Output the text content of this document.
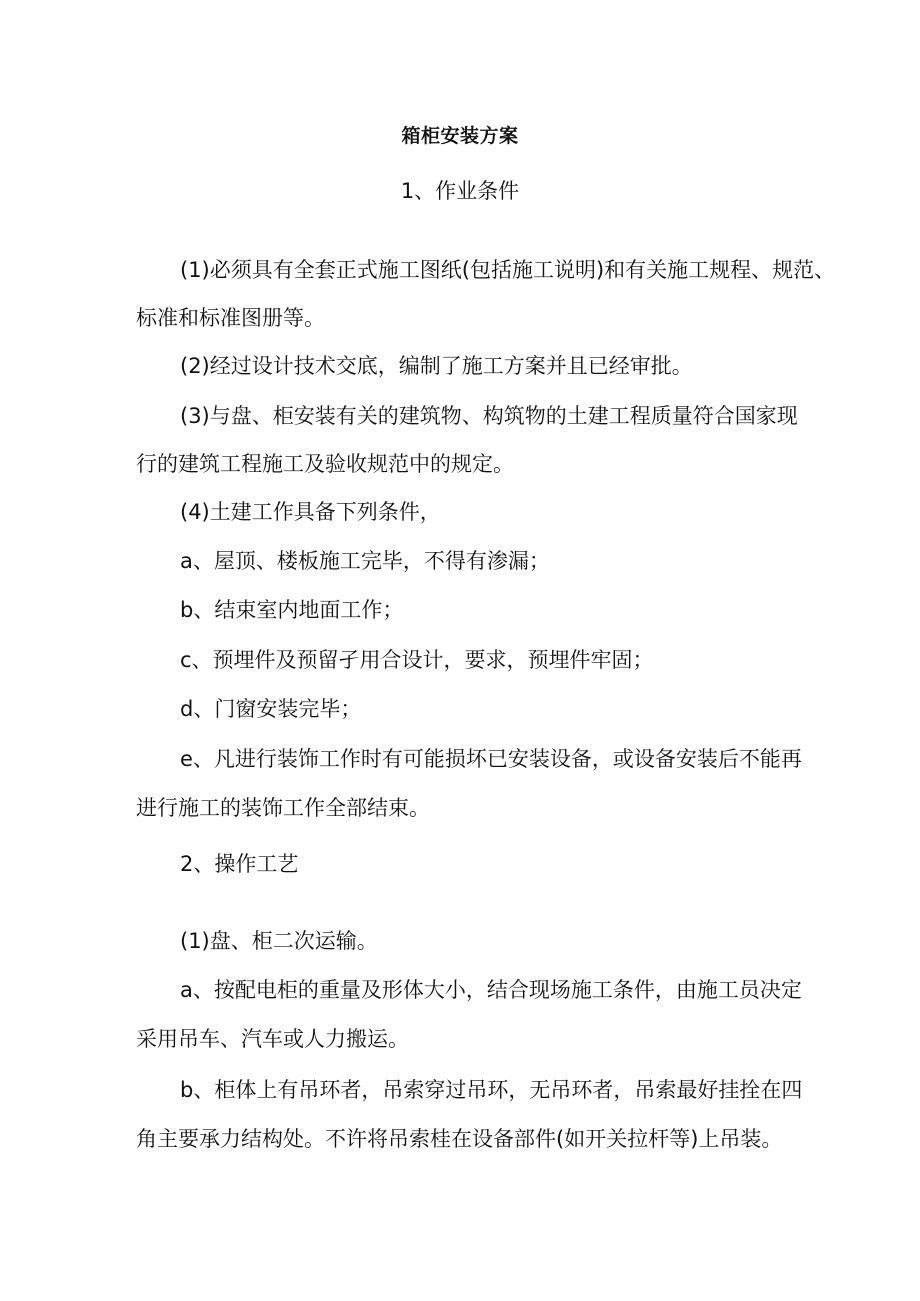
箱柜安装方案
1、作业条件
(1)必须具有全套正式施工图纸(包括施工说明)和有关施工规程、规范、
标准和标准图册等。
(2)经过设计技术交底，编制了施工方案并且已经审批。
(3)与盘、柜安装有关的建筑物、构筑物的土建工程质量符合国家现
行的建筑工程施工及验收规范中的规定。
(4)土建工作具备下列条件，
a、屋顶、楼板施工完毕，不得有渗漏；
b、结束室内地面工作；
c、预埋件及预留孑用合设计，要求，预埋件牢固；
d、门窗安装完毕；
e、凡进行装饰工作时有可能损坏已安装设备，或设备安装后不能再
进行施工的装饰工作全部结束。
2、操作工艺
(1)盘、柜二次运输。
a、按配电柜的重量及形体大小，结合现场施工条件，由施工员决定
采用吊车、汽车或人力搬运。
b、柜体上有吊环者，吊索穿过吊环，无吊环者，吊索最好挂拴在四
角主要承力结构处。不许将吊索桂在设备部件(如开关拉杆等)上吊装。
